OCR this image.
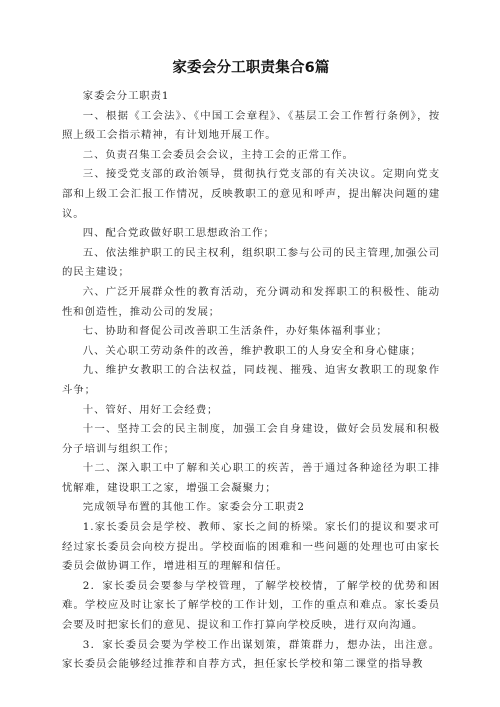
家委会分工职责集合6篇

家委会分工职责1

一、根据《工会法》、《中国工会章程》、《基层工会工作暂行条例》，按照上级工会指示精神，有计划地开展工作。

二、负责召集工会委员会会议，主持工会的正常工作。

三、接受党支部的政治领导，贯彻执行党支部的有关决议。定期向党支部和上级工会汇报工作情况，反映教职工的意见和呼声，提出解决问题的建议。

四、配合党政做好职工思想政治工作；

五、依法维护职工的民主权利，组织职工参与公司的民主管理,加强公司的民主建设；

六、广泛开展群众性的教育活动，充分调动和发挥职工的积极性、能动性和创造性，推动公司的发展；

七、协助和督促公司改善职工生活条件，办好集体福利事业；

八、关心职工劳动条件的改善，维护教职工的人身安全和身心健康；

九、维护女教职工的合法权益，同歧视、摧残、迫害女教职工的现象作斗争；

十、管好、用好工会经费；

十一、坚持工会的民主制度，加强工会自身建设，做好会员发展和积极分子培训与组织工作；

十二、深入职工中了解和关心职工的疾苦，善于通过各种途径为职工排忧解难，建设职工之家，增强工会凝聚力；

完成领导布置的其他工作。家委会分工职责2

1.家长委员会是学校、教师、家长之间的桥梁。家长们的提议和要求可经过家长委员会向校方提出。学校面临的困难和一些问题的处理也可由家长委员会做协调工作，增进相互的理解和信任。

2．家长委员会要参与学校管理，了解学校校情，了解学校的优势和困难。学校应及时让家长了解学校的工作计划，工作的重点和难点。家长委员会要及时把家长们的意见、提议和工作打算向学校反映，进行双向沟通。

3．家长委员会要为学校工作出谋划策，群策群力，想办法，出注意。家长委员会能够经过推荐和自荐方式，担任家长学校和第二课堂的指导教
